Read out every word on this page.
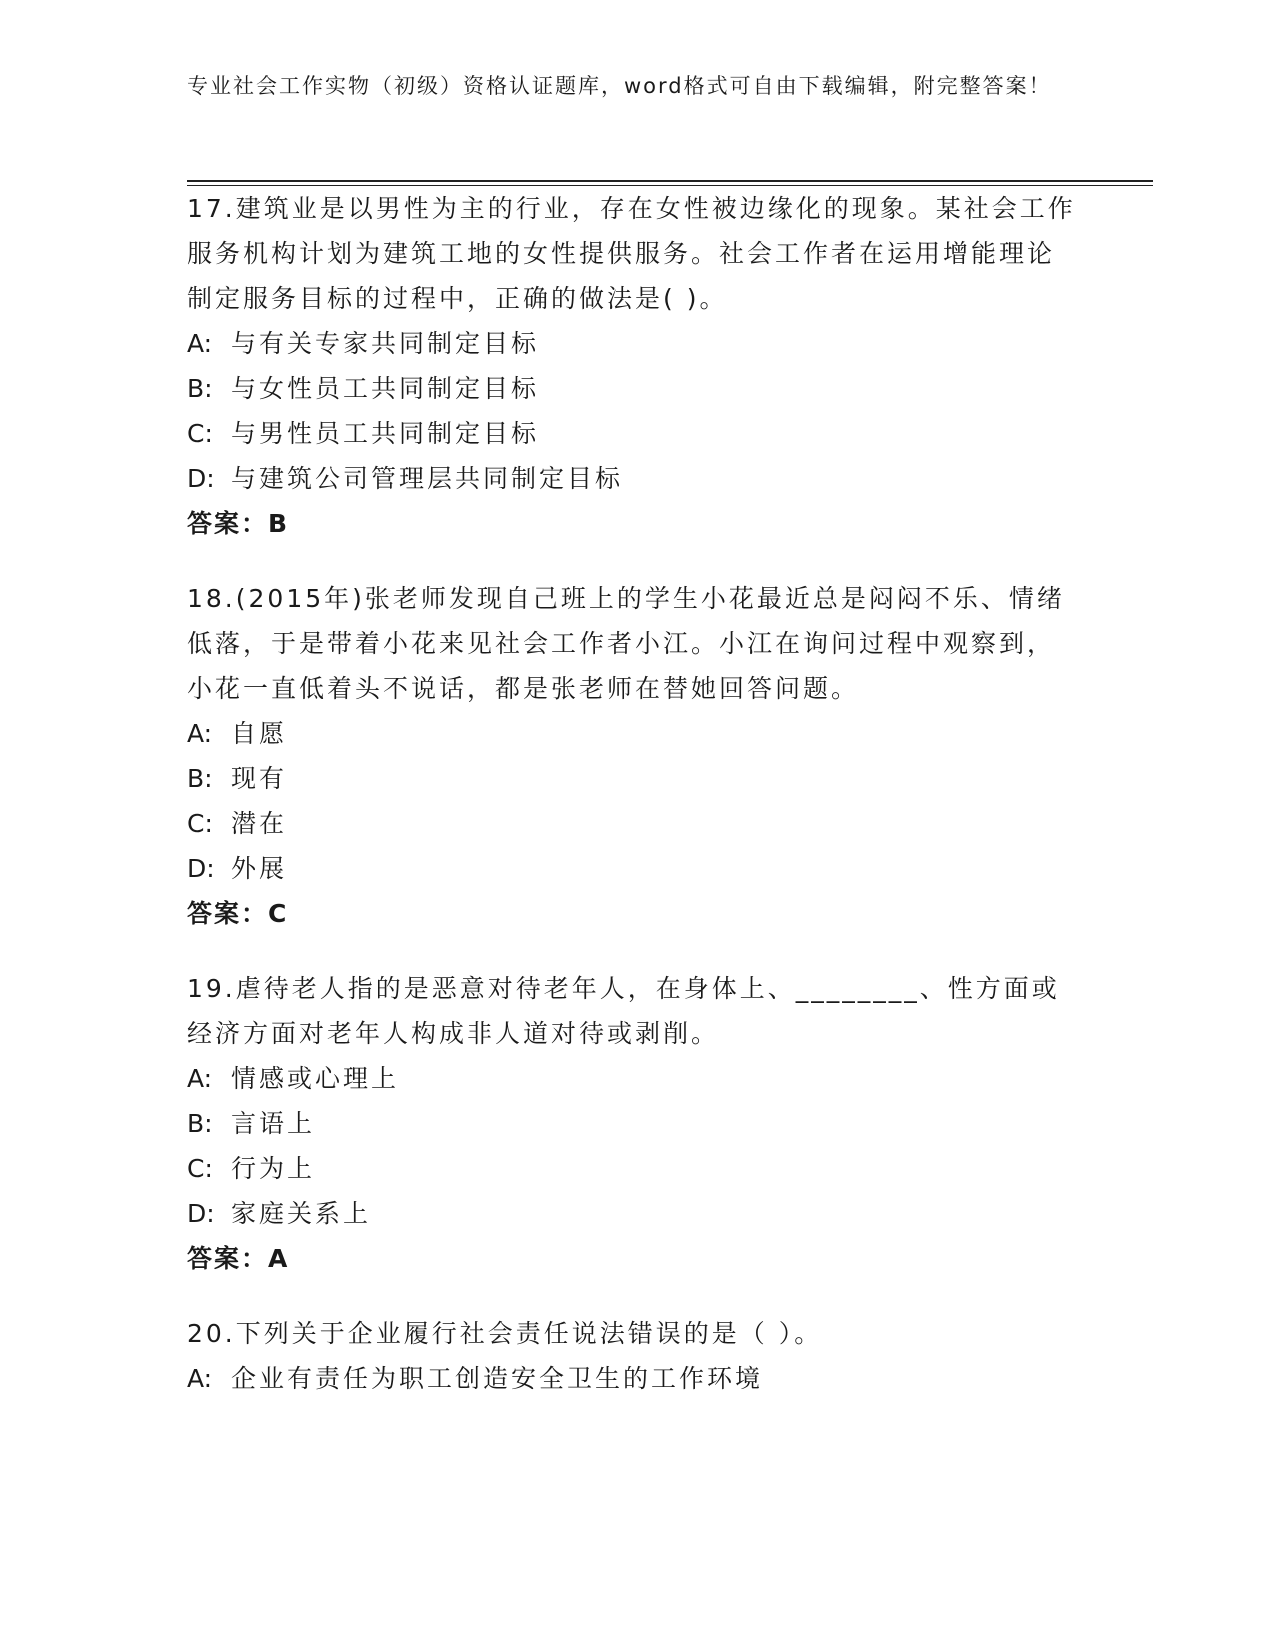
专业社会工作实物（初级）资格认证题库，word格式可自由下载编辑，附完整答案！

17.建筑业是以男性为主的行业，存在女性被边缘化的现象。某社会工作服务机构计划为建筑工地的女性提供服务。社会工作者在运用增能理论制定服务目标的过程中，正确的做法是( )。

A: 与有关专家共同制定目标

B: 与女性员工共同制定目标

C: 与男性员工共同制定目标

D: 与建筑公司管理层共同制定目标

答案：B

18.(2015年)张老师发现自己班上的学生小花最近总是闷闷不乐、情绪低落，于是带着小花来见社会工作者小江。小江在询问过程中观察到，小花一直低着头不说话，都是张老师在替她回答问题。

A: 自愿

B: 现有

C: 潜在

D: 外展

答案：C

19.虐待老人指的是恶意对待老年人，在身体上、________、性方面或经济方面对老年人构成非人道对待或剥削。

A: 情感或心理上

B: 言语上

C: 行为上

D: 家庭关系上

答案：A

20.下列关于企业履行社会责任说法错误的是（ ）。

A: 企业有责任为职工创造安全卫生的工作环境
